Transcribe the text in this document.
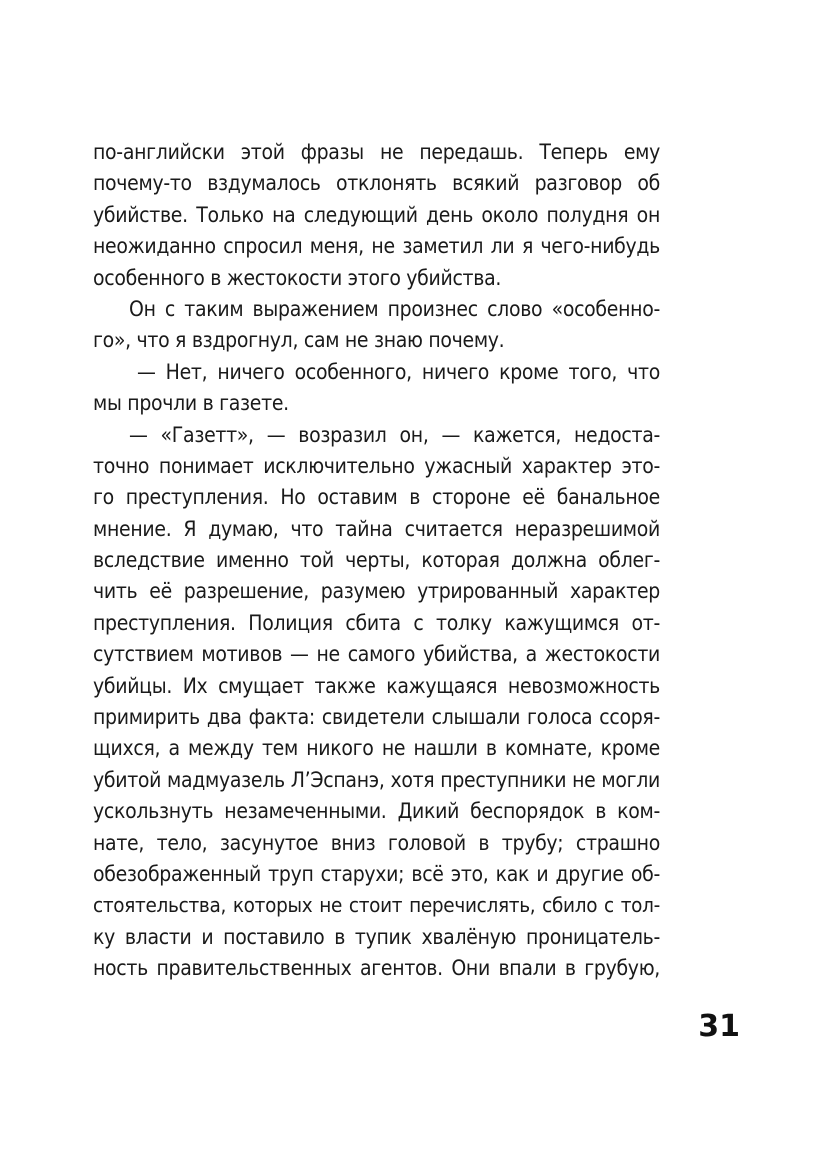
по-английски этой фразы не передашь. Теперь ему
почему-то вздумалось отклонять всякий разговор об
убийстве. Только на следующий день около полудня он
неожиданно спросил меня, не заметил ли я чего-нибудь
особенного в жестокости этого убийства.
Он с таким выражением произнес слово «особенно-
го», что я вздрогнул, сам не знаю почему.
— Нет, ничего особенного, ничего кроме того, что
мы прочли в газете.
— «Газетт», — возразил он, — кажется, недоста-
точно понимает исключительно ужасный характер это-
го преступления. Но оставим в стороне её банальное
мнение. Я думаю, что тайна считается неразрешимой
вследствие именно той черты, которая должна облег-
чить её разрешение, разумею утрированный характер
преступления. Полиция сбита с толку кажущимся от-
сутствием мотивов — не самого убийства, а жестокости
убийцы. Их смущает также кажущаяся невозможность
примирить два факта: свидетели слышали голоса ссоря-
щихся, а между тем никого не нашли в комнате, кроме
убитой мадмуазель Л’Эспанэ, хотя преступники не могли
ускользнуть незамеченными. Дикий беспорядок в ком-
нате, тело, засунутое вниз головой в трубу; страшно
обезображенный труп старухи; всё это, как и другие об-
стоятельства, которых не стоит перечислять, сбило с тол-
ку власти и поставило в тупик хвалёную проницатель-
ность правительственных агентов. Они впали в грубую,
31
